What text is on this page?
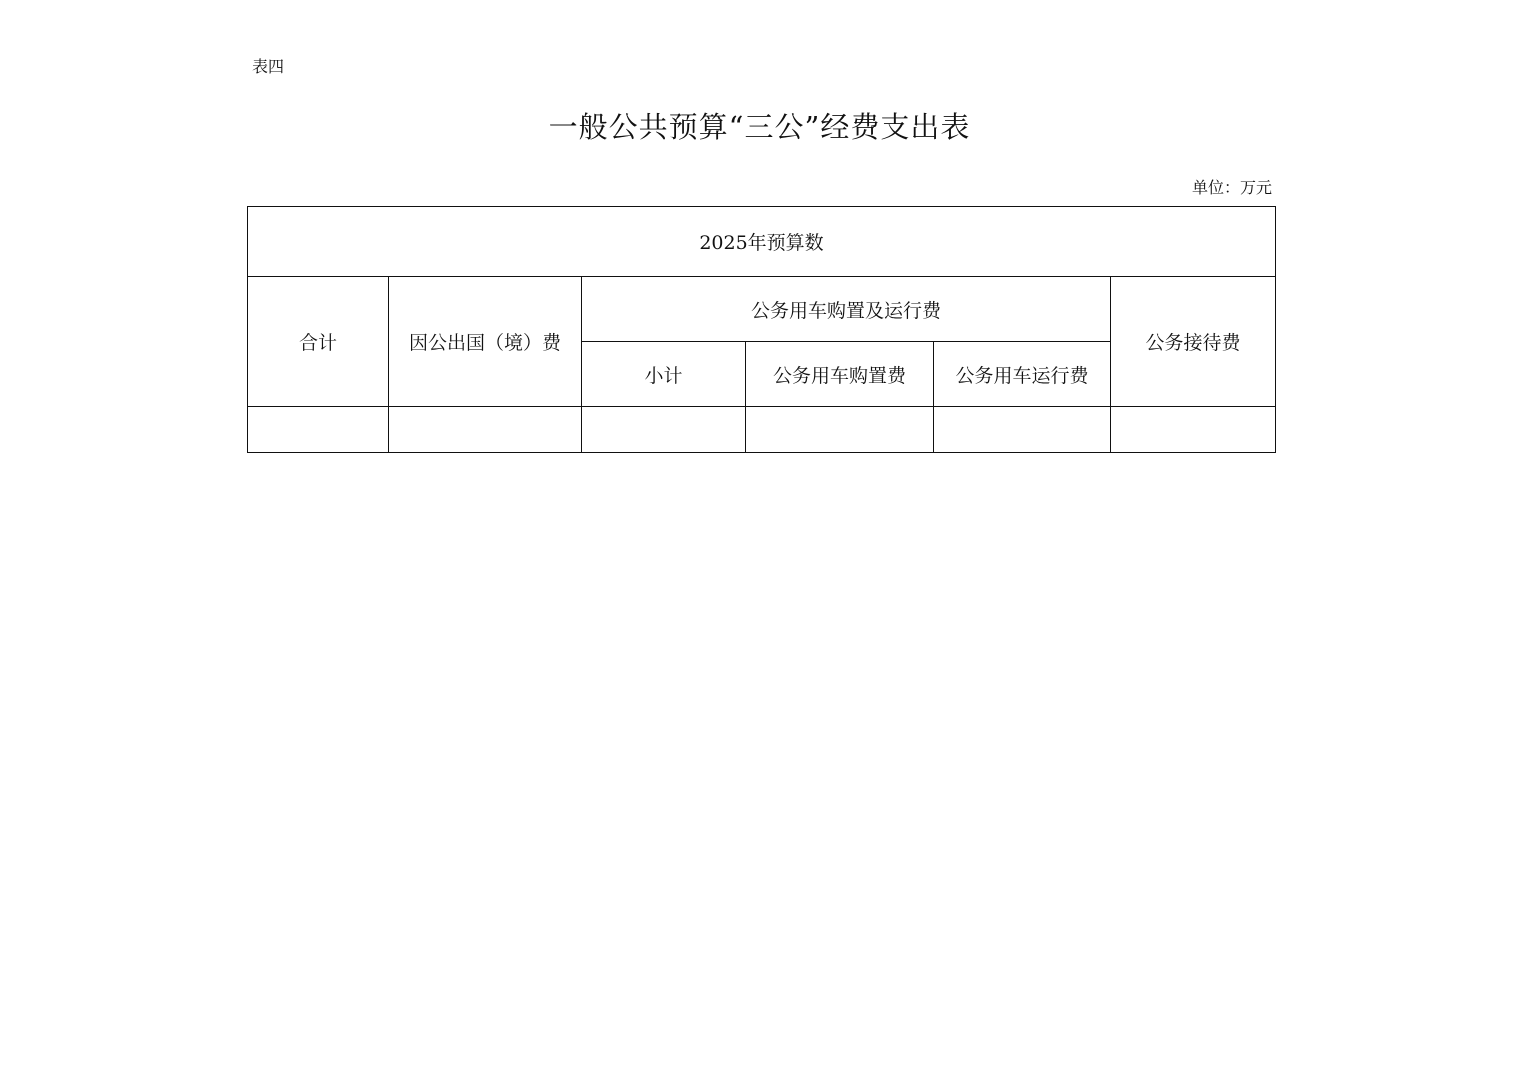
表四
一般公共预算“三公”经费支出表
单位：万元
2025年预算数					
合计	因公出国（境）费	公务用车购置及运行费			公务接待费
		小计	公务用车购置费	公务用车运行费	
